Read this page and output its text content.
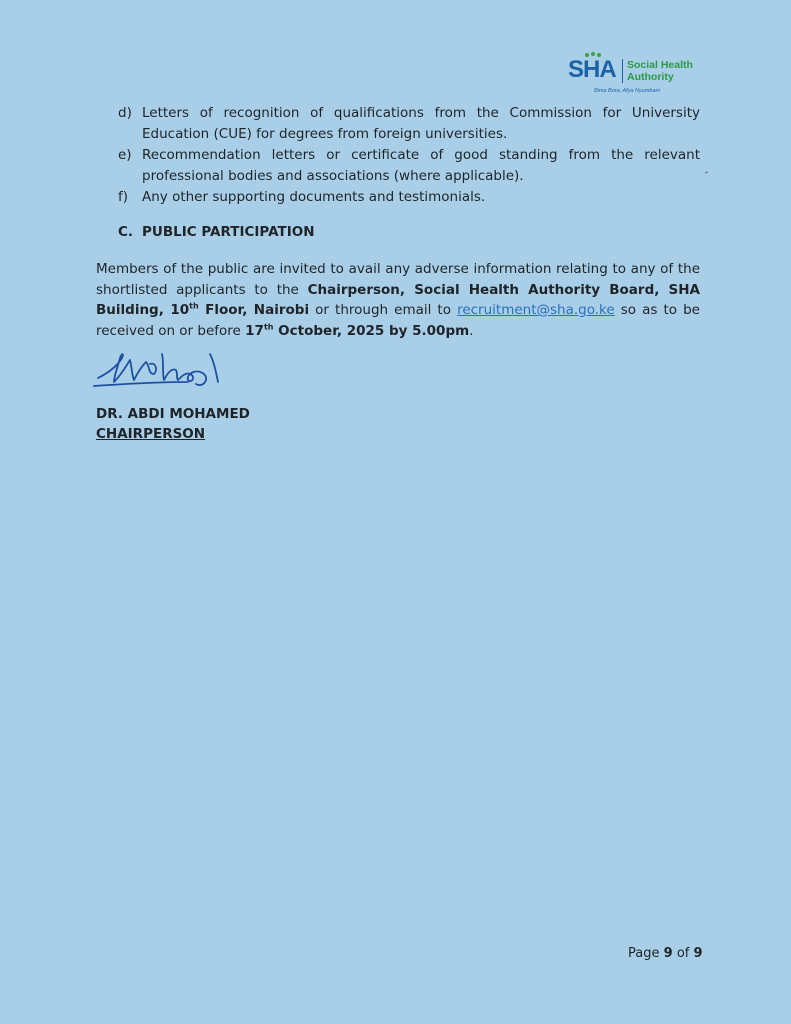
SHA Social Health
Authority
Bima Bora, Afya Nyumbani
d) Letters of recognition of qualifications from the Commission for University Education (CUE) for degrees from foreign universities.
e) Recommendation letters or certificate of good standing from the relevant professional bodies and associations (where applicable).
f) Any other supporting documents and testimonials.
C. PUBLIC PARTICIPATION
Members of the public are invited to avail any adverse information relating to any of the shortlisted applicants to the Chairperson, Social Health Authority Board, SHA Building, 10th Floor, Nairobi or through email to recruitment@sha.go.ke so as to be received on or before 17th October, 2025 by 5.00pm.
DR. ABDI MOHAMED
CHAIRPERSON
Page 9 of 9
